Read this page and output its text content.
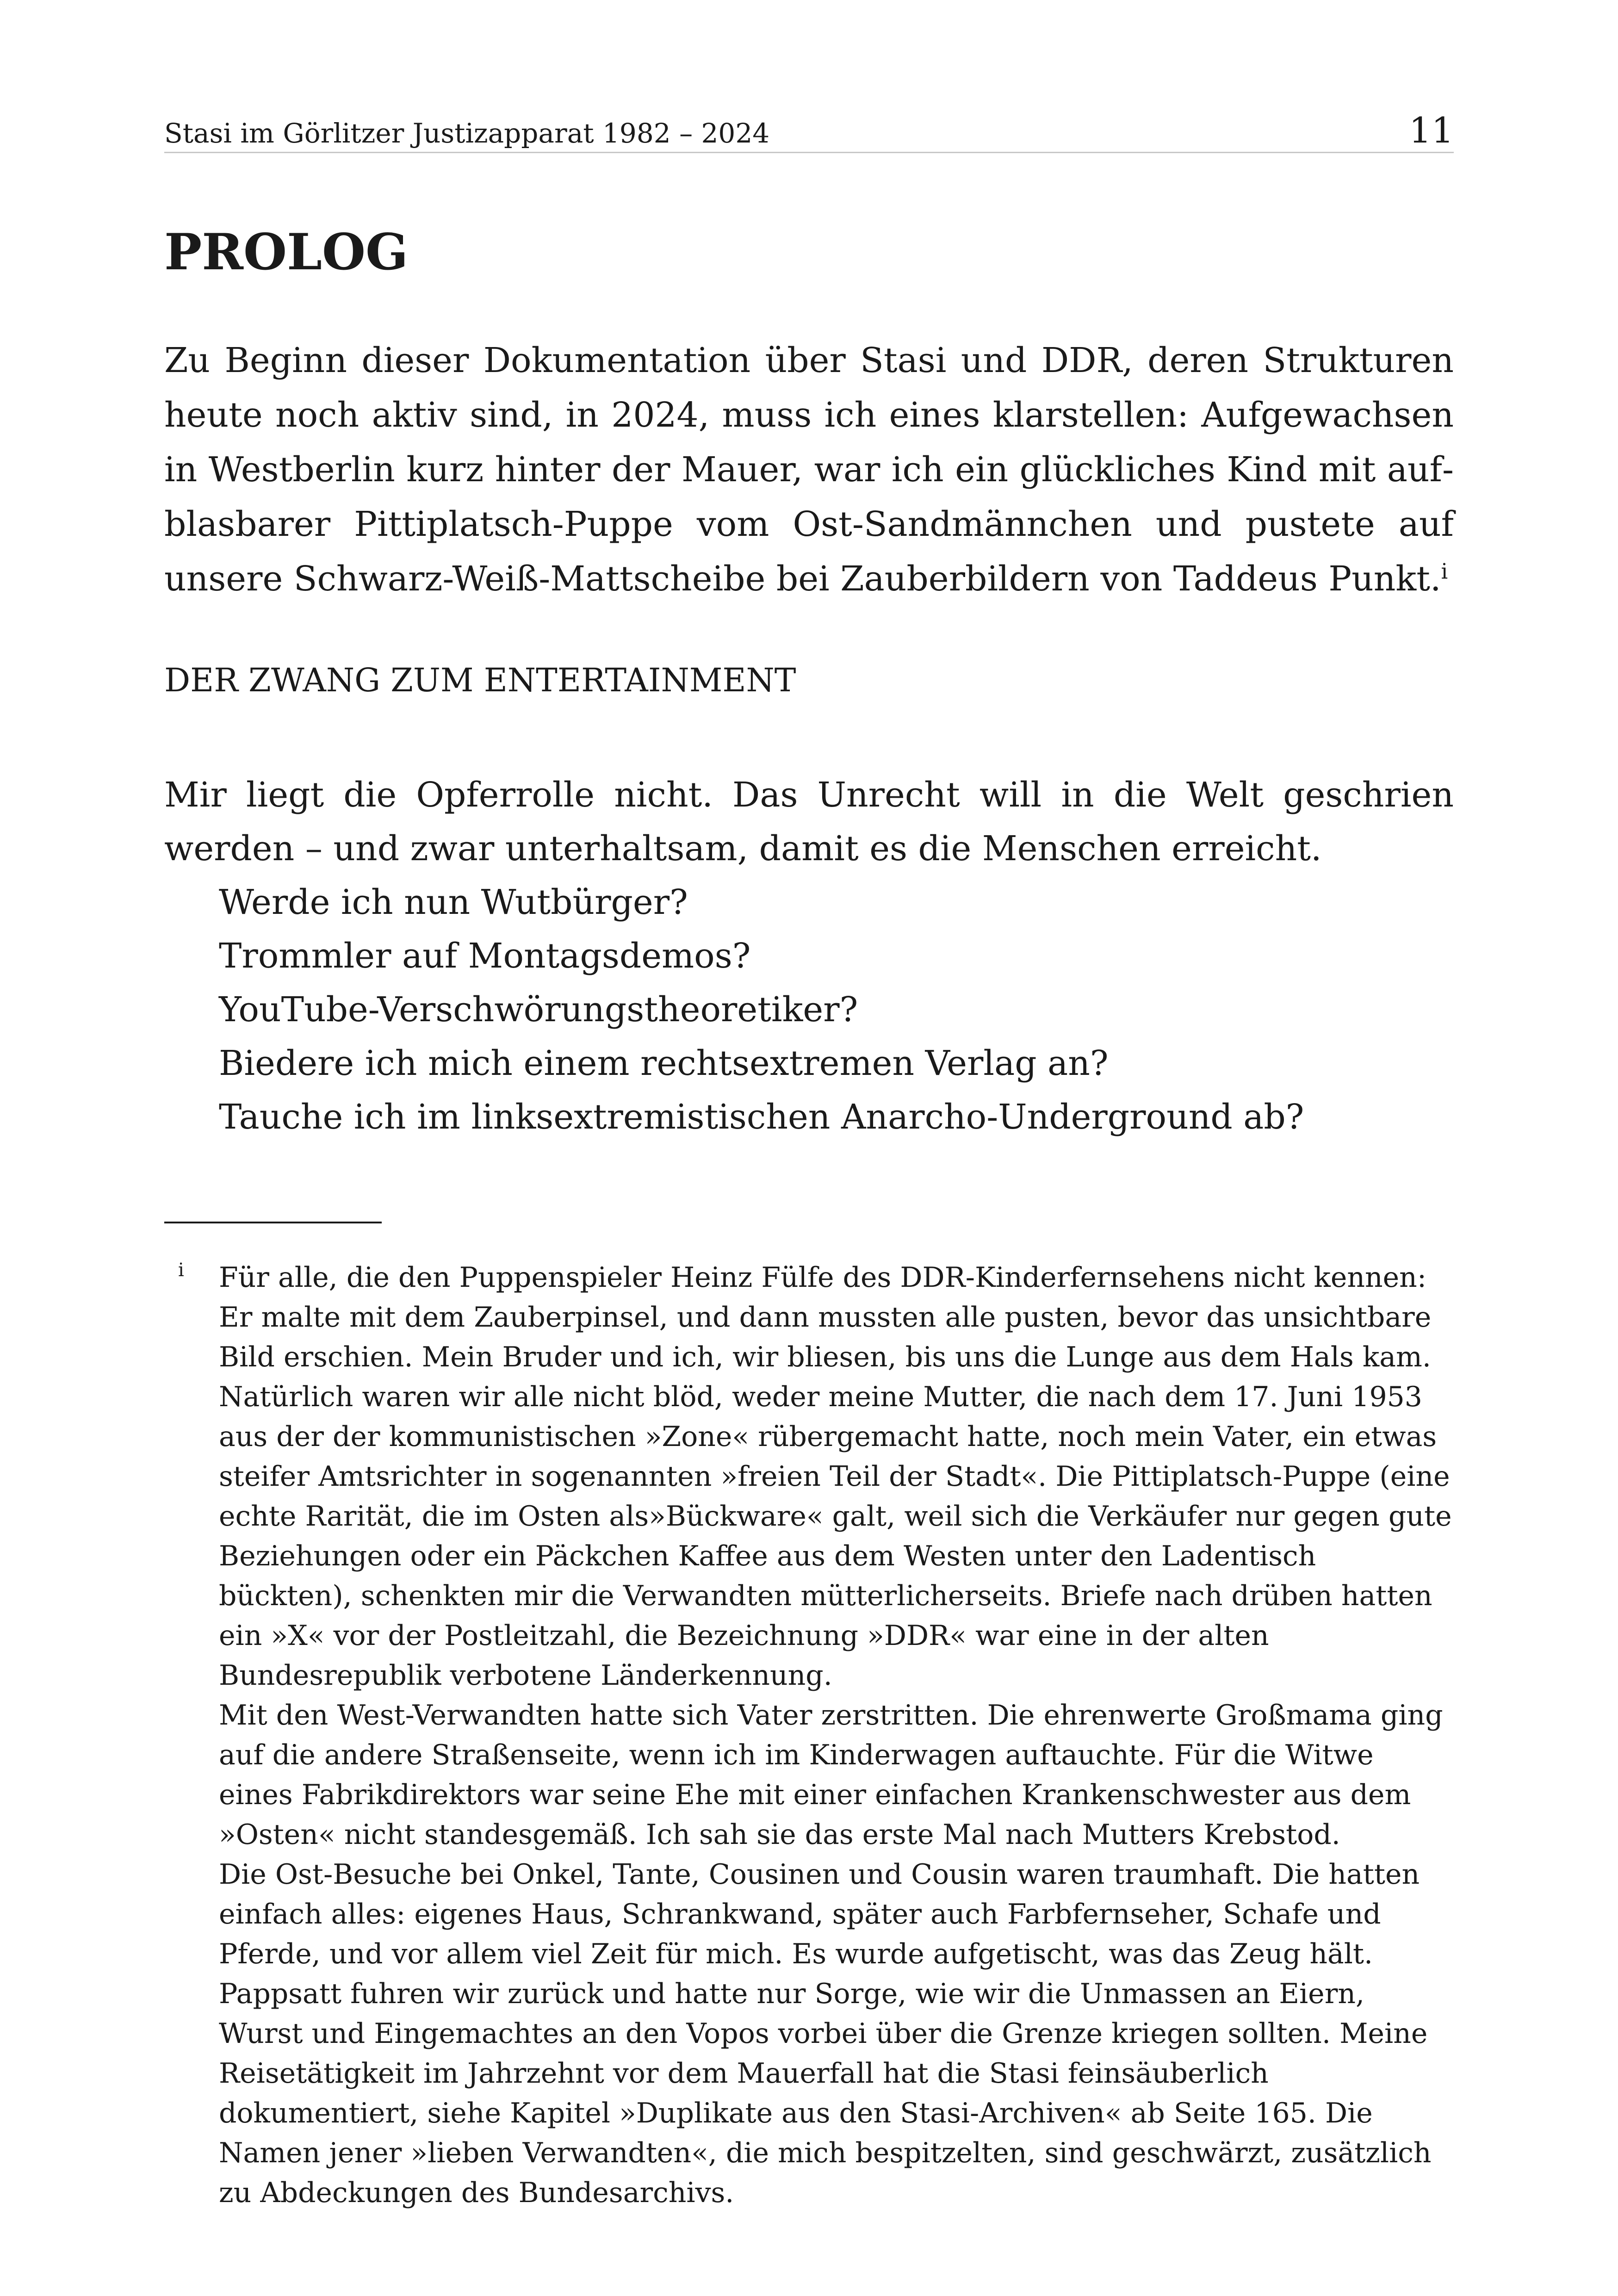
Stasi im Görlitzer Justizapparat 1982 – 2024	11
PROLOG

Zu Beginn dieser Dokumentation über Stasi und DDR, deren Strukturen heute noch aktiv sind, in 2024, muss ich eines klarstellen: Aufgewachsen in Westberlin kurz hinter der Mauer, war ich ein glückliches Kind mit aufblasbarer Pittiplatsch-Puppe vom Ost-Sandmännchen und pustete auf unsere Schwarz-Weiß-Mattscheibe bei Zauberbildern von Taddeus Punkt.$^i$

DER ZWANG ZUM ENTERTAINMENT

Mir liegt die Opferrolle nicht. Das Unrecht will in die Welt geschrien werden – und zwar unterhaltsam, damit es die Menschen erreicht.

Werde ich nun Wutbürger?
Trommler auf Montagsdemos?
YouTube-Verschwörungstheoretiker?
Biedere ich mich einem rechtsextremen Verlag an?
Tauche ich im linksextremistischen Anarcho-Underground ab?
i Für alle, die den Puppenspieler Heinz Fülfe des DDR-Kinderfernsehens nicht kennen: Er malte mit dem Zauberpinsel, und dann mussten alle pusten, bevor das unsichtbare Bild erschien. Mein Bruder und ich, wir bliesen, bis uns die Lunge aus dem Hals kam. Natürlich waren wir alle nicht blöd, weder meine Mutter, die nach dem 17. Juni 1953 aus der der kommunistischen »Zone« rübergemacht hatte, noch mein Vater, ein etwas steifer Amtsrichter in sogenannten »freien Teil der Stadt«. Die Pittiplatsch-Puppe (eine echte Rarität, die im Osten als»Bückware« galt, weil sich die Verkäufer nur gegen gute Beziehungen oder ein Päckchen Kaffee aus dem Westen unter den Ladentisch bückten), schenkten mir die Verwandten mütterlicherseits. Briefe nach drüben hatten ein »X« vor der Postleitzahl, die Bezeichnung »DDR« war eine in der alten Bundesrepublik verbotene Länderkennung.

Mit den West-Verwandten hatte sich Vater zerstritten. Die ehrenwerte Großmama ging auf die andere Straßenseite, wenn ich im Kinderwagen auftauchte. Für die Witwe eines Fabrikdirektors war seine Ehe mit einer einfachen Krankenschwester aus dem »Osten« nicht standesgemäß. Ich sah sie das erste Mal nach Mutters Krebstod.

Die Ost-Besuche bei Onkel, Tante, Cousinen und Cousin waren traumhaft. Die hatten einfach alles: eigenes Haus, Schrankwand, später auch Farbfernseher, Schafe und Pferde, und vor allem viel Zeit für mich. Es wurde aufgetischt, was das Zeug hält. Pappsatt fuhren wir zurück und hatte nur Sorge, wie wir die Unmassen an Eiern, Wurst und Eingemachtes an den Vopos vorbei über die Grenze kriegen sollten. Meine Reisetätigkeit im Jahrzehnt vor dem Mauerfall hat die Stasi feinsäuberlich dokumentiert, siehe Kapitel »Duplikate aus den Stasi-Archiven« ab Seite 165. Die Namen jener »lieben Verwandten«, die mich bespitzelten, sind geschwärzt, zusätzlich zu Abdeckungen des Bundesarchivs.
